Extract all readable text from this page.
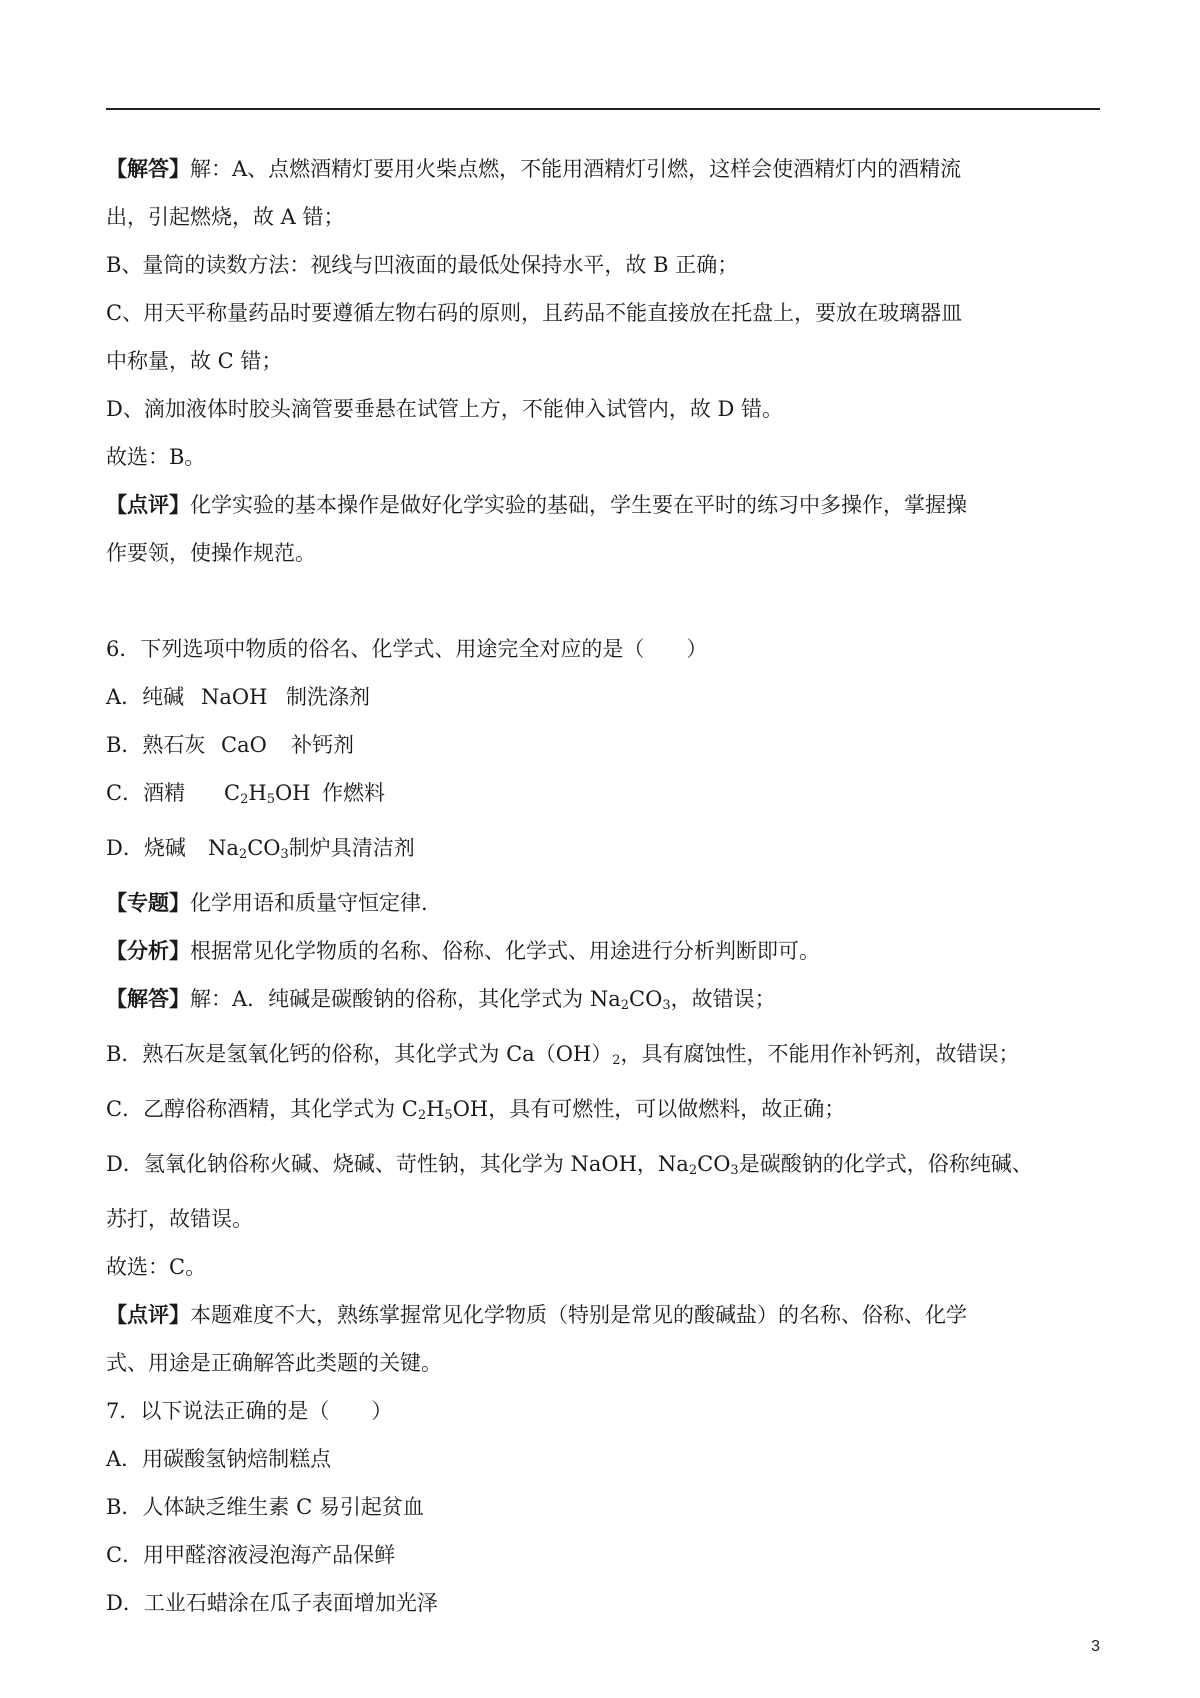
【解答】解：A、点燃酒精灯要用火柴点燃，不能用酒精灯引燃，这样会使酒精灯内的酒精流

出，引起燃烧，故 A 错；

B、量筒的读数方法：视线与凹液面的最低处保持水平，故 B 正确；

C、用天平称量药品时要遵循左物右码的原则，且药品不能直接放在托盘上，要放在玻璃器皿

中称量，故 C 错；

D、滴加液体时胶头滴管要垂悬在试管上方，不能伸入试管内，故 D 错。

故选：B。

【点评】化学实验的基本操作是做好化学实验的基础，学生要在平时的练习中多操作，掌握操

作要领，使操作规范。

6．下列选项中物质的俗名、化学式、用途完全对应的是（　　）

A．纯碱 NaOH 制洗涤剂

B．熟石灰 CaO 补钙剂

C．酒精 $C_2H_5OH$ 作燃料

D．烧碱 $Na_2CO_3$制炉具清洁剂

【专题】化学用语和质量守恒定律.

【分析】根据常见化学物质的名称、俗称、化学式、用途进行分析判断即可。

【解答】解：A．纯碱是碳酸钠的俗称，其化学式为 $Na_2CO_3$，故错误；

B．熟石灰是氢氧化钙的俗称，其化学式为 $Ca(OH)_2$，具有腐蚀性，不能用作补钙剂，故错误；

C．乙醇俗称酒精，其化学式为 $C_2H_5OH$，具有可燃性，可以做燃料，故正确；

D．氢氧化钠俗称火碱、烧碱、苛性钠，其化学为 NaOH，$Na_2CO_3$是碳酸钠的化学式，俗称纯碱、

苏打，故错误。

故选：C。

【点评】本题难度不大，熟练掌握常见化学物质（特别是常见的酸碱盐）的名称、俗称、化学

式、用途是正确解答此类题的关键。

7．以下说法正确的是（　　）

A．用碳酸氢钠焙制糕点

B．人体缺乏维生素 C 易引起贫血

C．用甲醛溶液浸泡海产品保鲜

D．工业石蜡涂在瓜子表面增加光泽

3
